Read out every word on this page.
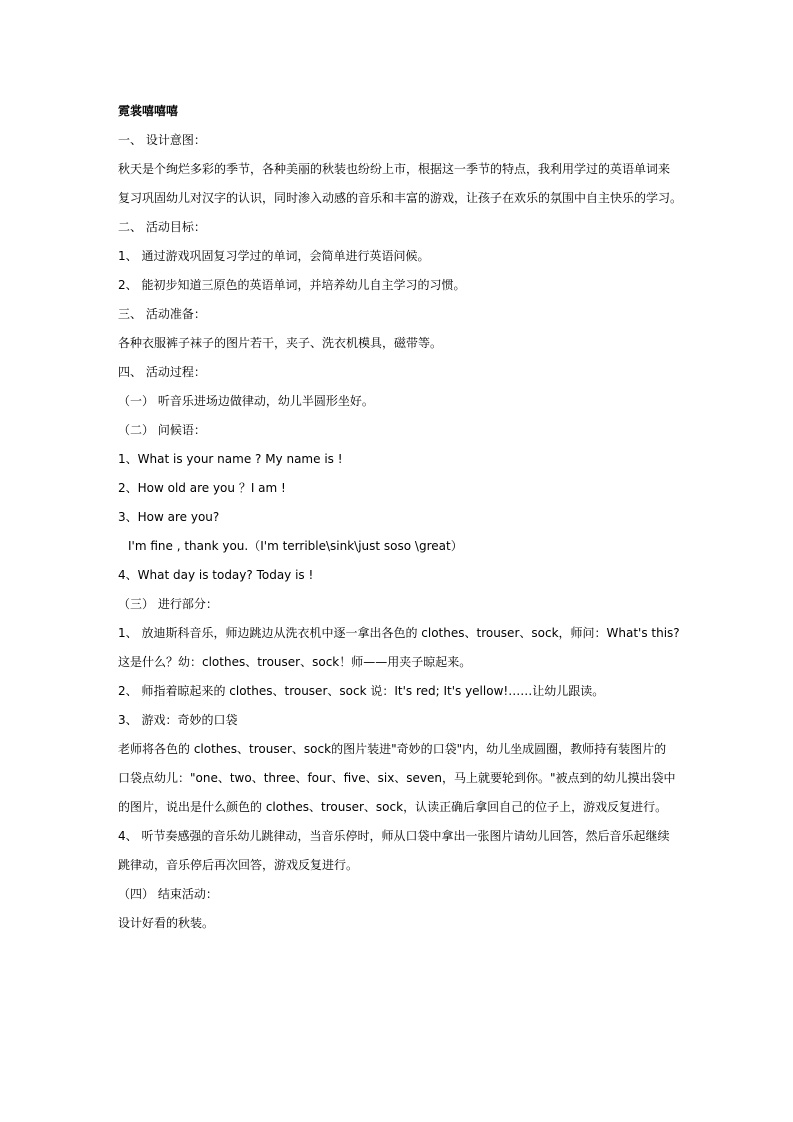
霓裳嘻嘻嘻
一、 设计意图：
秋天是个绚烂多彩的季节，各种美丽的秋装也纷纷上市，根据这一季节的特点，我利用学过的英语单词来
复习巩固幼儿对汉字的认识，同时渗入动感的音乐和丰富的游戏，让孩子在欢乐的氛围中自主快乐的学习。
二、 活动目标：
1、 通过游戏巩固复习学过的单词，会简单进行英语问候。
2、 能初步知道三原色的英语单词，并培养幼儿自主学习的习惯。
三、 活动准备：
各种衣服裤子袜子的图片若干，夹子、洗衣机模具，磁带等。
四、 活动过程：
（一） 听音乐进场边做律动，幼儿半圆形坐好。
（二） 问候语：
1、What is your name ? My name is !
2、How old are you ？I am !
3、How are you?
I'm fine , thank you.（I'm terrible\sink\just soso \great）
4、What day is today? Today is !
（三） 进行部分：
1、 放迪斯科音乐，师边跳边从洗衣机中逐一拿出各色的 clothes、trouser、sock，师问：What's this?
这是什么？幼：clothes、trouser、sock！师——用夹子晾起来。
2、 师指着晾起来的 clothes、trouser、sock 说：It's red; It's yellow!……让幼儿跟读。
3、 游戏：奇妙的口袋
老师将各色的 clothes、trouser、sock的图片装进"奇妙的口袋"内，幼儿坐成圆圈，教师持有装图片的
口袋点幼儿："one、two、three、four、five、six、seven，马上就要轮到你。"被点到的幼儿摸出袋中
的图片，说出是什么颜色的 clothes、trouser、sock，认读正确后拿回自己的位子上，游戏反复进行。
4、 听节奏感强的音乐幼儿跳律动，当音乐停时，师从口袋中拿出一张图片请幼儿回答，然后音乐起继续
跳律动，音乐停后再次回答，游戏反复进行。
（四） 结束活动：
设计好看的秋装。
